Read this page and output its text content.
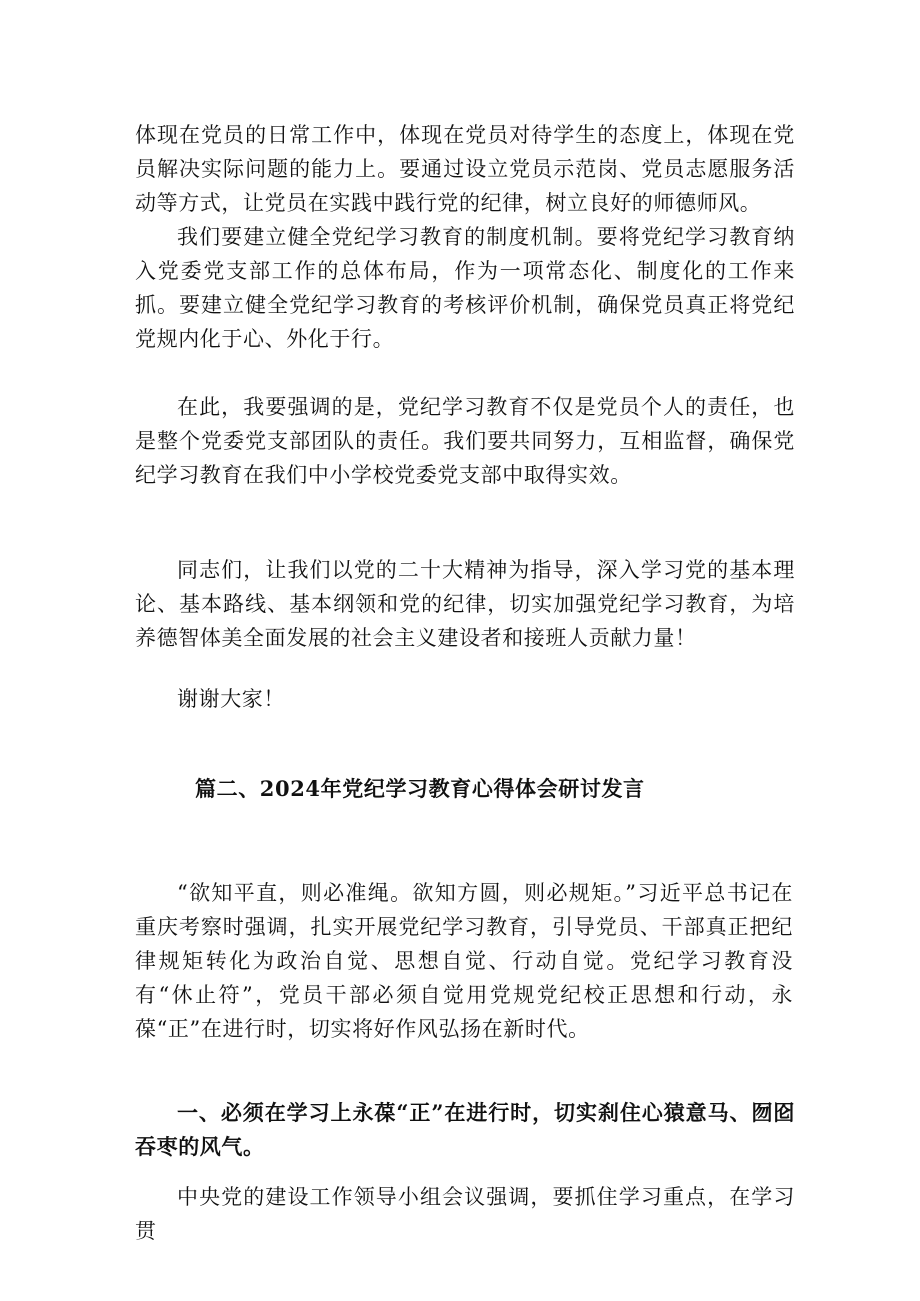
体现在党员的日常工作中，体现在党员对待学生的态度上，体现在党员解决实际问题的能力上。要通过设立党员示范岗、党员志愿服务活动等方式，让党员在实践中践行党的纪律，树立良好的师德师风。

我们要建立健全党纪学习教育的制度机制。要将党纪学习教育纳入党委党支部工作的总体布局，作为一项常态化、制度化的工作来抓。要建立健全党纪学习教育的考核评价机制，确保党员真正将党纪党规内化于心、外化于行。

在此，我要强调的是，党纪学习教育不仅是党员个人的责任，也是整个党委党支部团队的责任。我们要共同努力，互相监督，确保党纪学习教育在我们中小学校党委党支部中取得实效。

同志们，让我们以党的二十大精神为指导，深入学习党的基本理论、基本路线、基本纲领和党的纪律，切实加强党纪学习教育，为培养德智体美全面发展的社会主义建设者和接班人贡献力量！

谢谢大家！

篇二、2024年党纪学习教育心得体会研讨发言

“欲知平直，则必准绳。欲知方圆，则必规矩。”习近平总书记在重庆考察时强调，扎实开展党纪学习教育，引导党员、干部真正把纪律规矩转化为政治自觉、思想自觉、行动自觉。党纪学习教育没有“休止符”，党员干部必须自觉用党规党纪校正思想和行动，永葆“正”在进行时，切实将好作风弘扬在新时代。

一、必须在学习上永葆“正”在进行时，切实刹住心猿意马、囫囵吞枣的风气。

中央党的建设工作领导小组会议强调，要抓住学习重点，在学习贯
